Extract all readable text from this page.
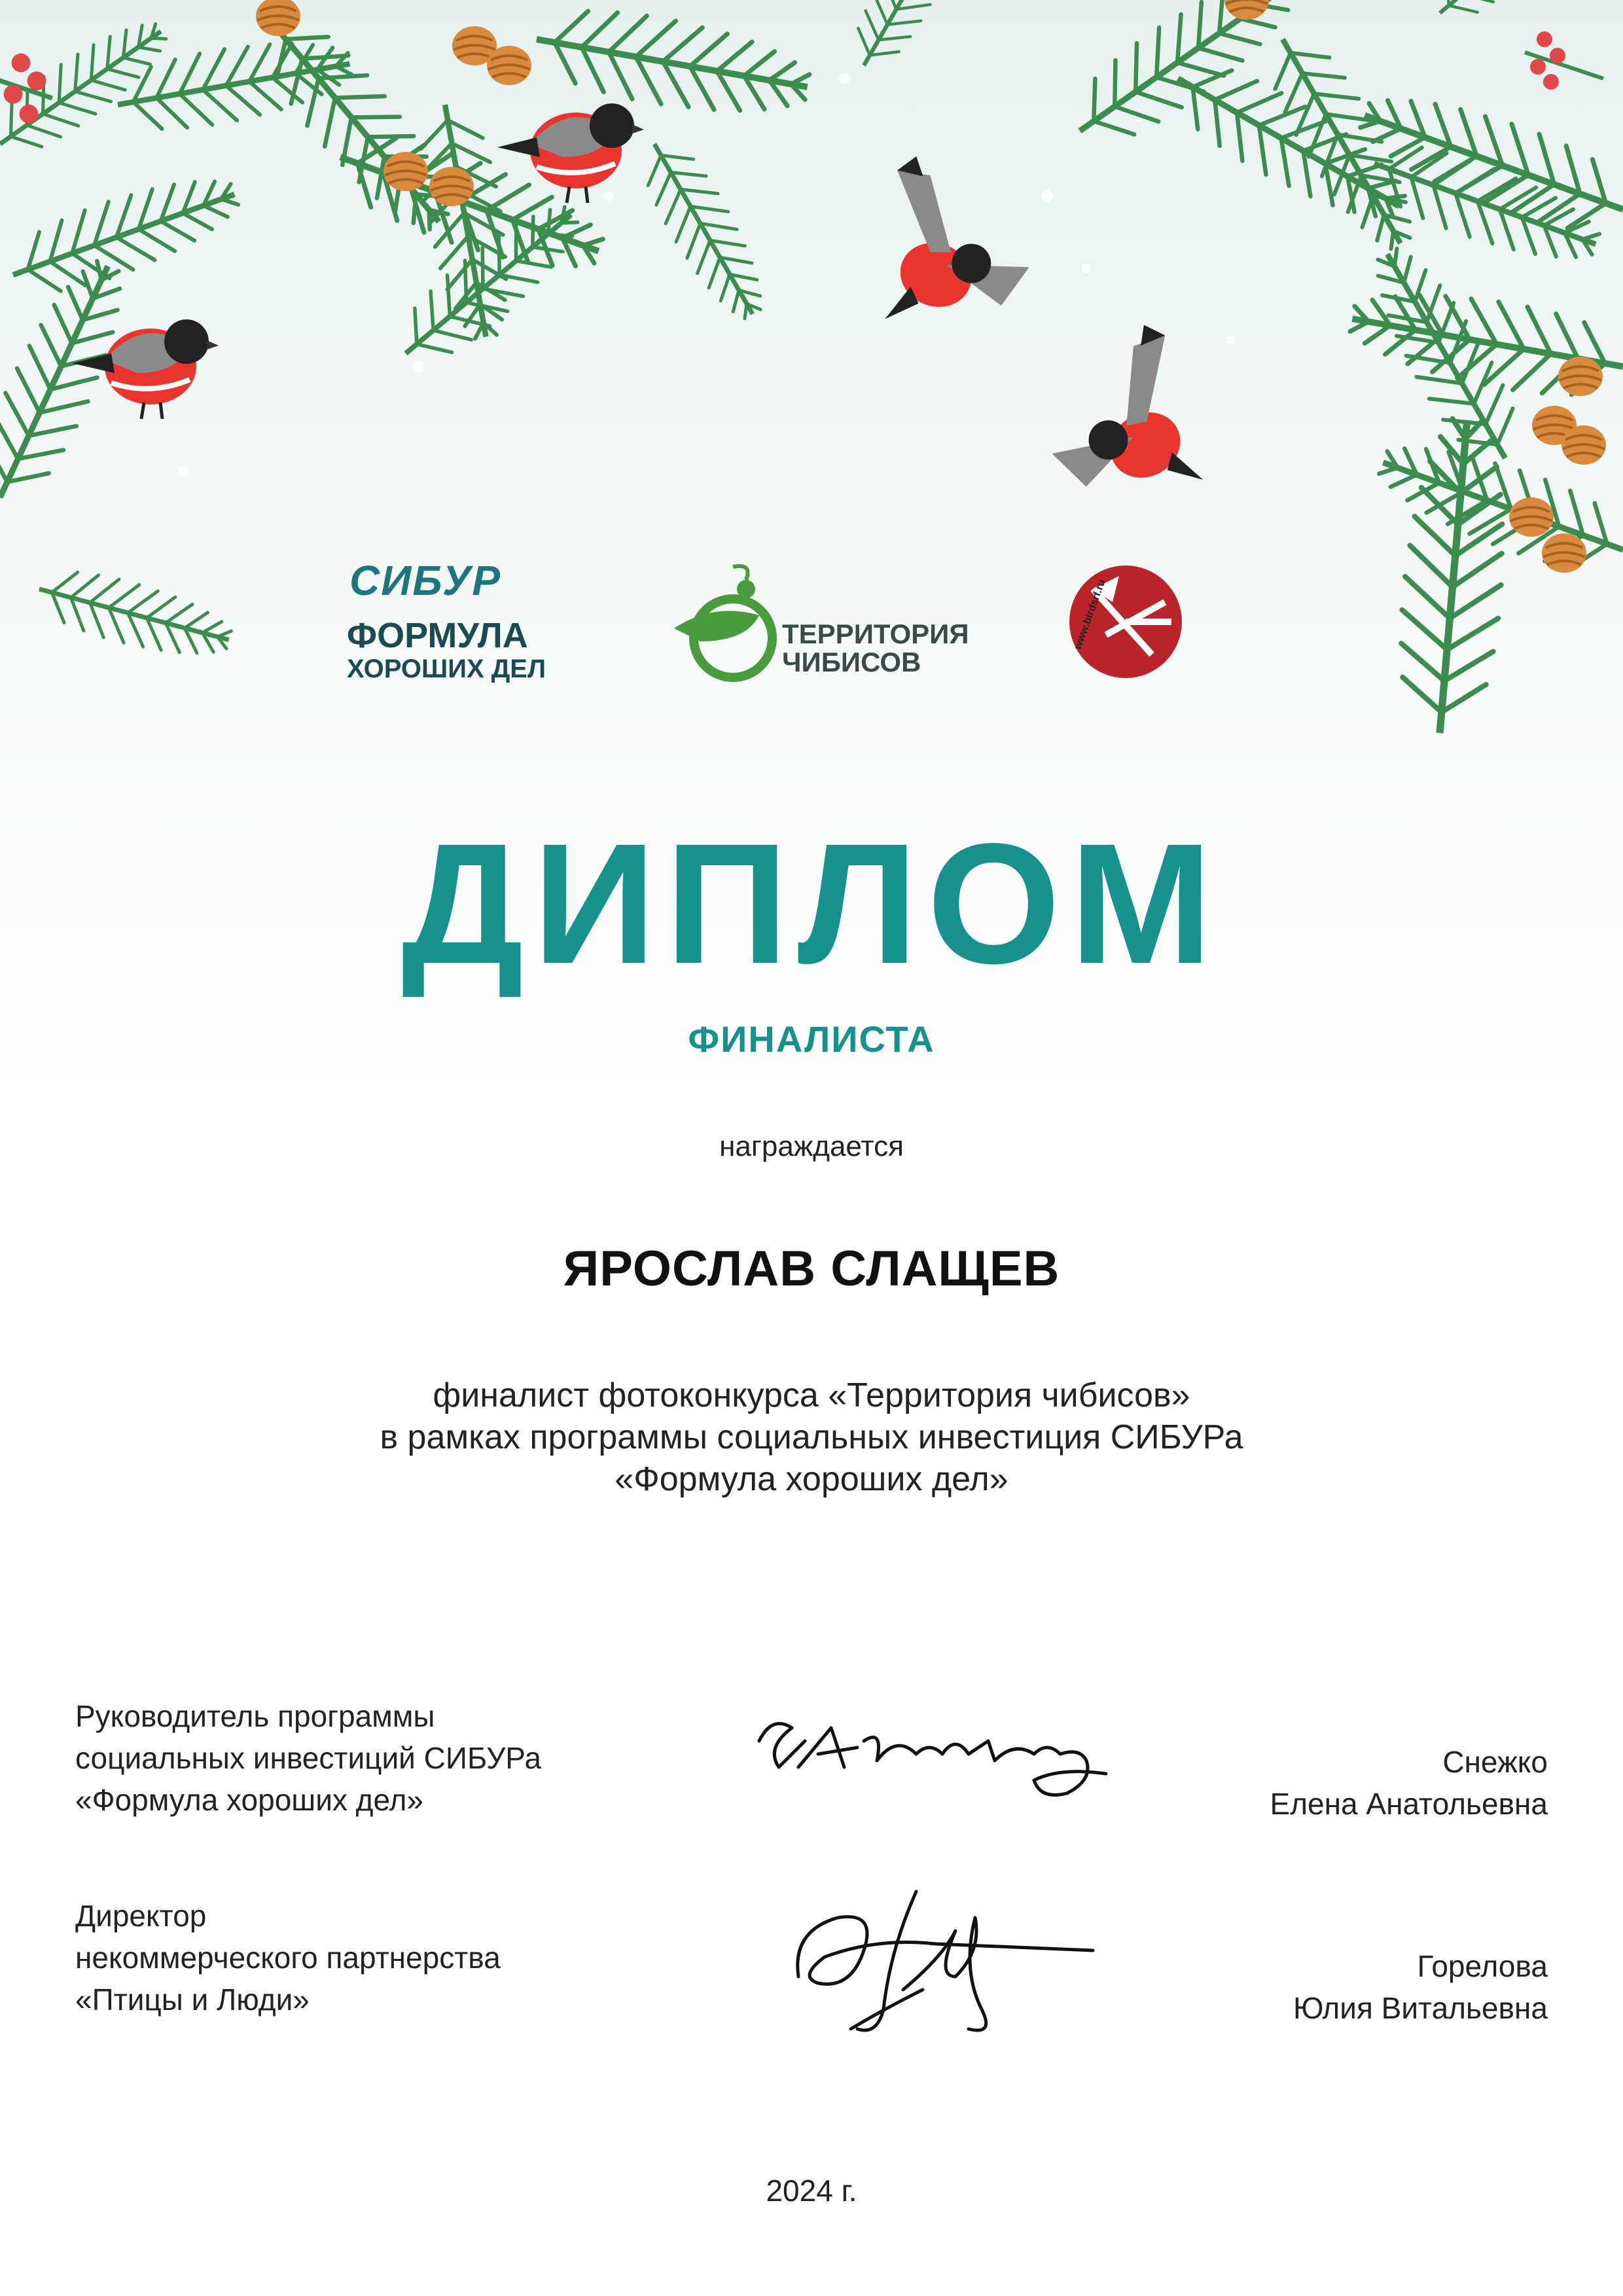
СИБУР
ФОРМУЛА
ХОРОШИХ ДЕЛ
ТЕРРИТОРИЯ
ЧИБИСОВ
www.birdsrf.ru
ДИПЛОМ
ФИНАЛИСТА
награждается
ЯРОСЛАВ СЛАЩЕВ
финалист фотоконкурса «Территория чибисов»
в рамках программы социальных инвестиция СИБУРа
«Формула хороших дел»
Руководитель программы
социальных инвестиций СИБУРа
«Формула хороших дел»
Снежко
Елена Анатольевна
Директор
некоммерческого партнерства
«Птицы и Люди»
Горелова
Юлия Витальевна
2024 г.
